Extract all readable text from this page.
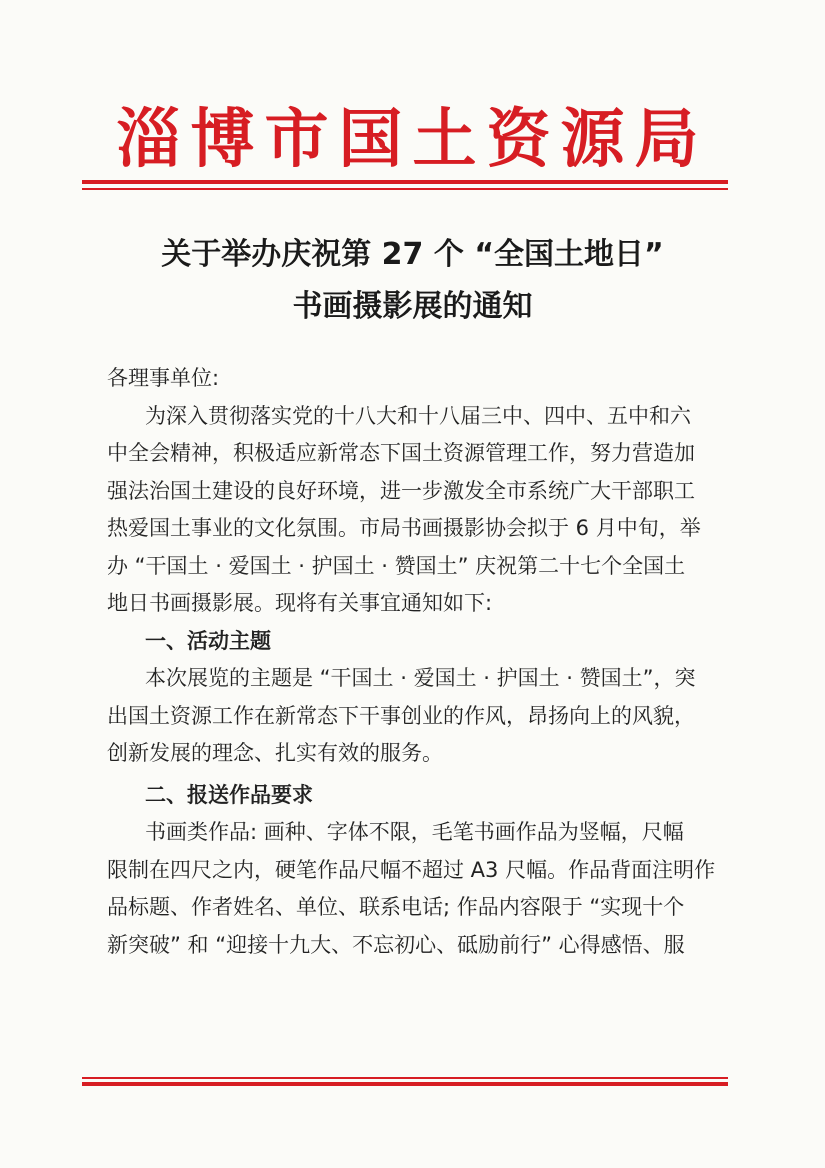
淄博市国土资源局
关于举办庆祝第 27 个 “全国土地日”
书画摄影展的通知
各理事单位:
为深入贯彻落实党的十八大和十八届三中、四中、五中和六
中全会精神，积极适应新常态下国土资源管理工作，努力营造加
强法治国土建设的良好环境，进一步激发全市系统广大干部职工
热爱国土事业的文化氛围。市局书画摄影协会拟于 6 月中旬，举
办 “干国土 · 爱国土 · 护国土 · 赞国土” 庆祝第二十七个全国土
地日书画摄影展。现将有关事宜通知如下:
一、活动主题
本次展览的主题是 “干国土 · 爱国土 · 护国土 · 赞国土”，突
出国土资源工作在新常态下干事创业的作风，昂扬向上的风貌，
创新发展的理念、扎实有效的服务。
二、报送作品要求
书画类作品: 画种、字体不限，毛笔书画作品为竖幅，尺幅
限制在四尺之内，硬笔作品尺幅不超过 A3 尺幅。作品背面注明作
品标题、作者姓名、单位、联系电话; 作品内容限于 “实现十个
新突破” 和 “迎接十九大、不忘初心、砥励前行” 心得感悟、服
